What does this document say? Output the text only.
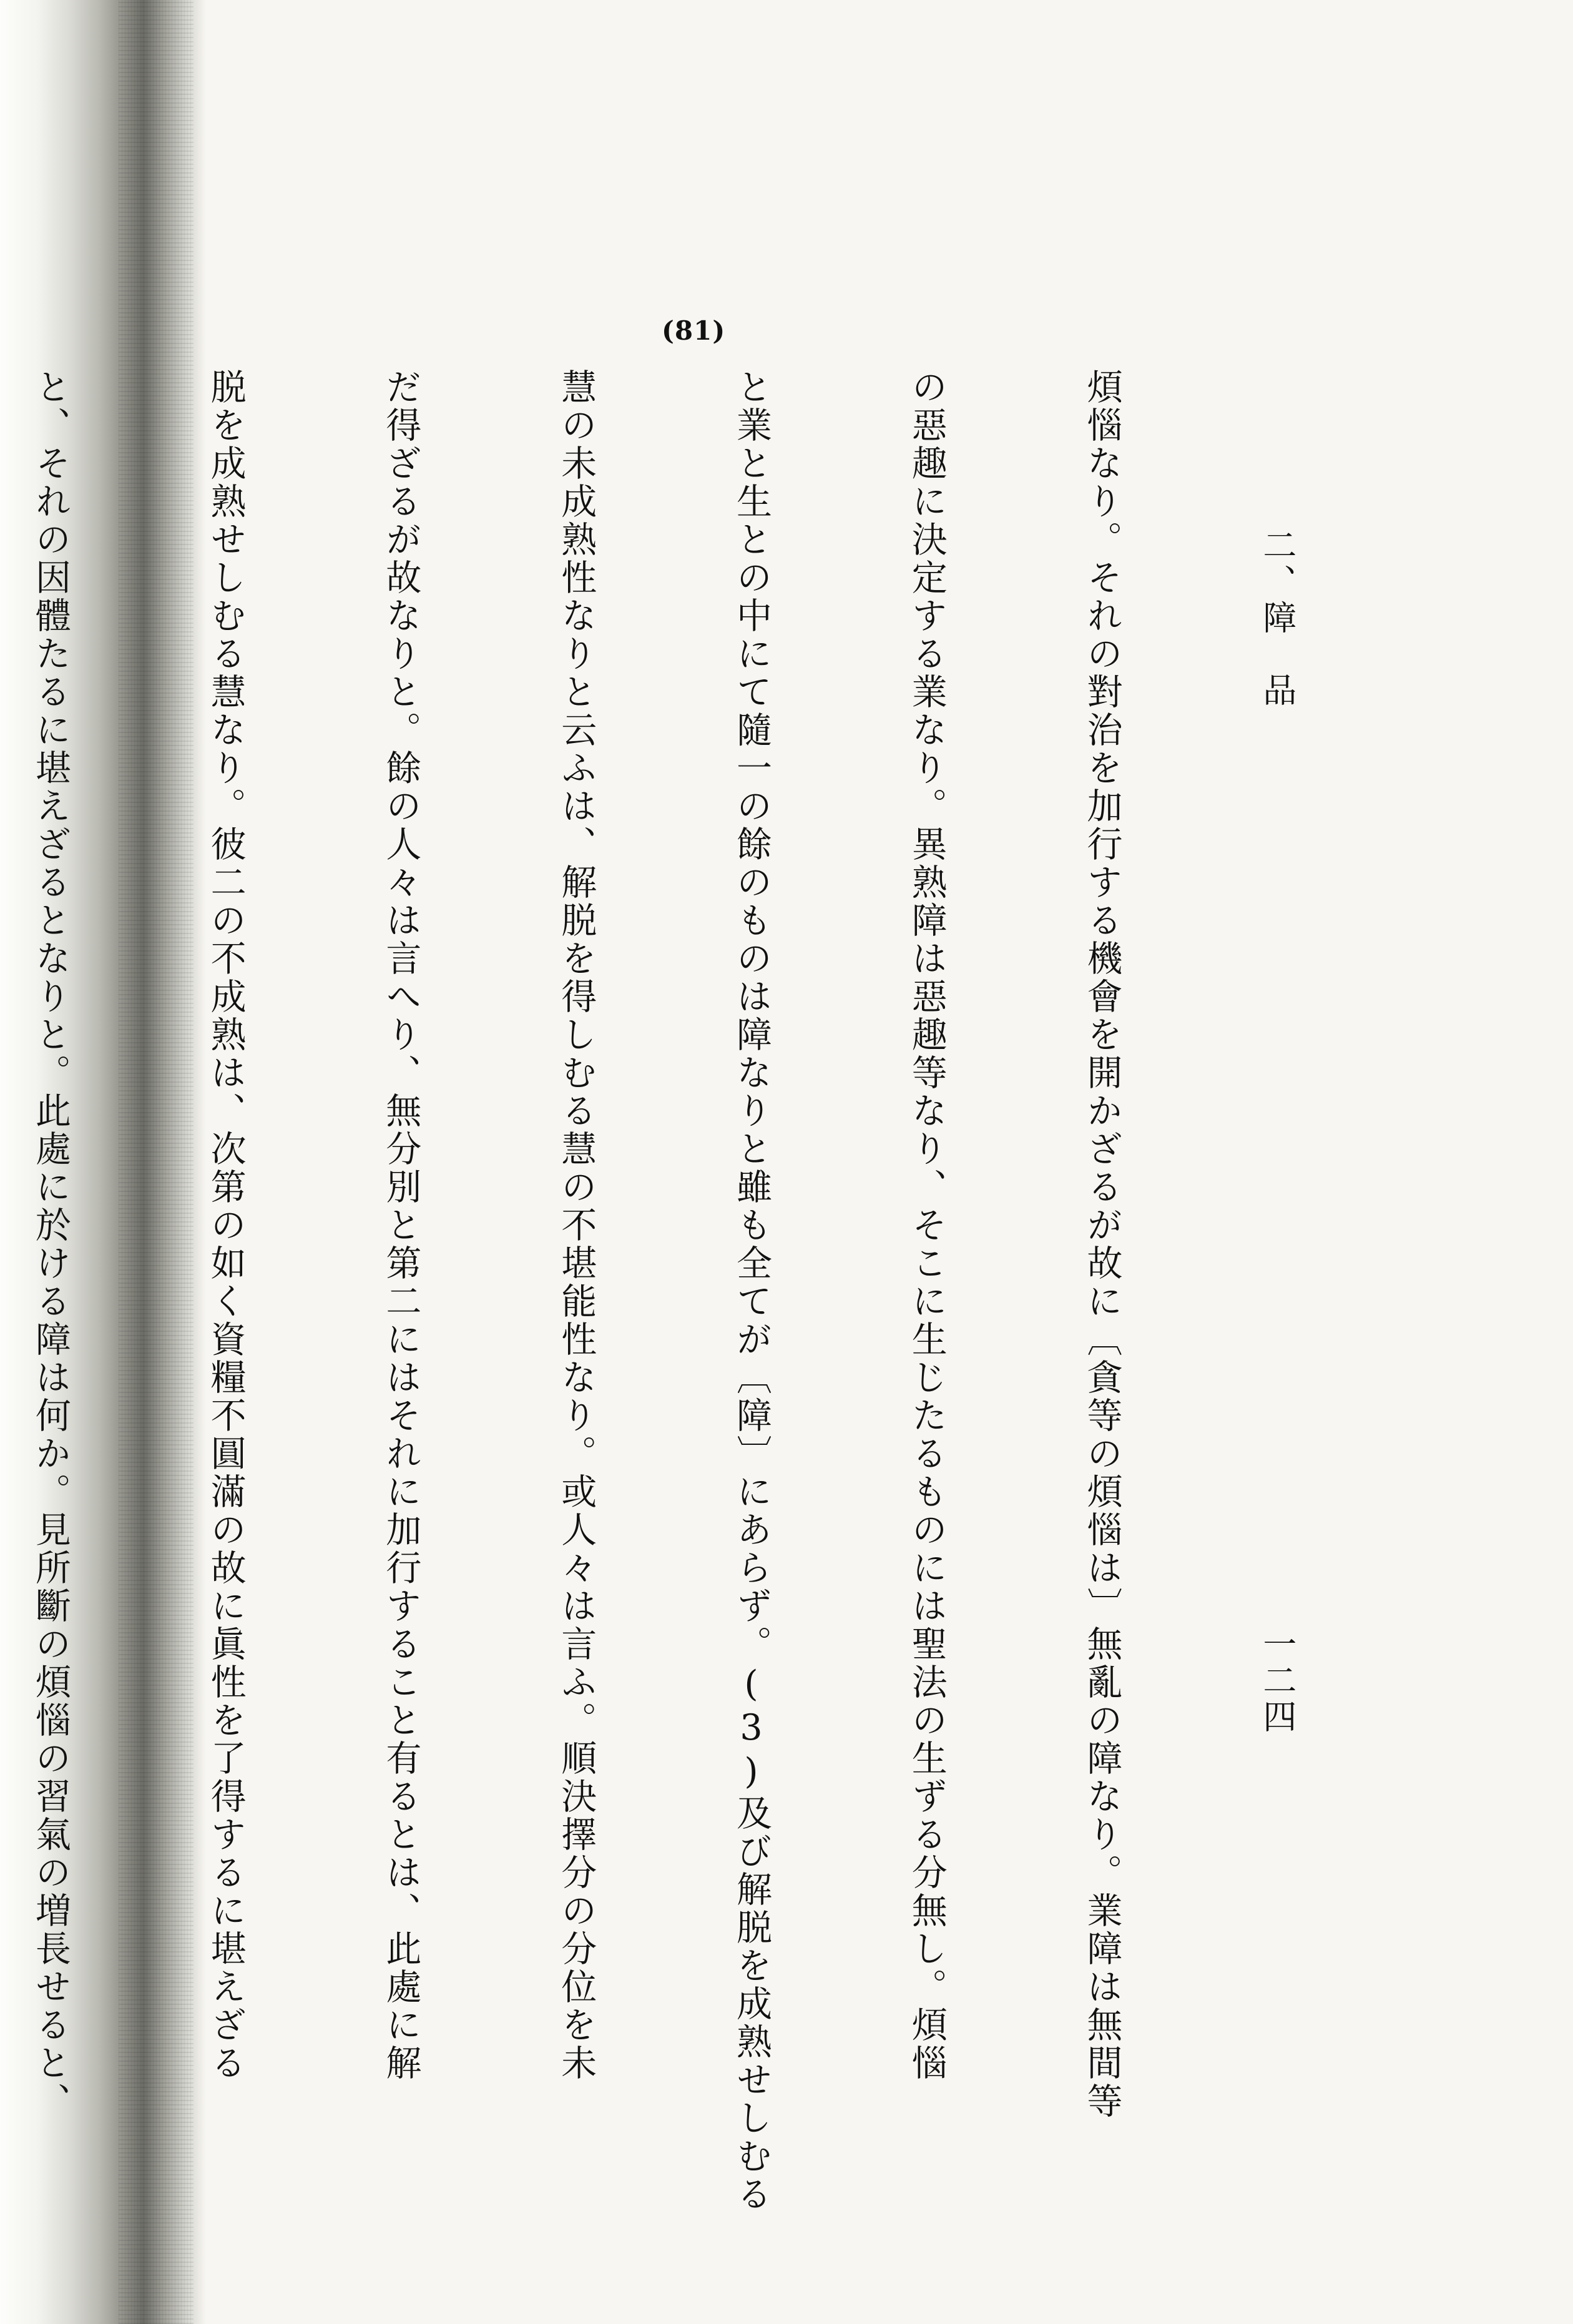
(81)

二、障　品一二四

煩惱なり。それの對治を加行する機會を開かざるが故に〔貪等の煩惱は〕無亂の障なり。業障は無間等

の惡趣に決定する業なり。異熟障は惡趣等なり、そこに生じたるものには聖法の生ずる分無し。煩惱

と業と生との中にて隨一の餘のものは障なりと雖も全てが〔障〕にあらず。(3)及び解脱を成熟せしむる

慧の未成熟性なりと云ふは、解脱を得しむる慧の不堪能性なり。或人々は言ふ。順決擇分の分位を未

だ得ざるが故なりと。餘の人々は言へり、無分別と第二にはそれに加行すること有るとは、此處に解

脱を成熟せしむる慧なり。彼二の不成熟は、次第の如く資糧不圓滿の故に眞性を了得するに堪えざる

と、それの因體たるに堪えざるとなりと。此處に於ける障は何か。見所斷の煩惱の習氣の増長せると、
